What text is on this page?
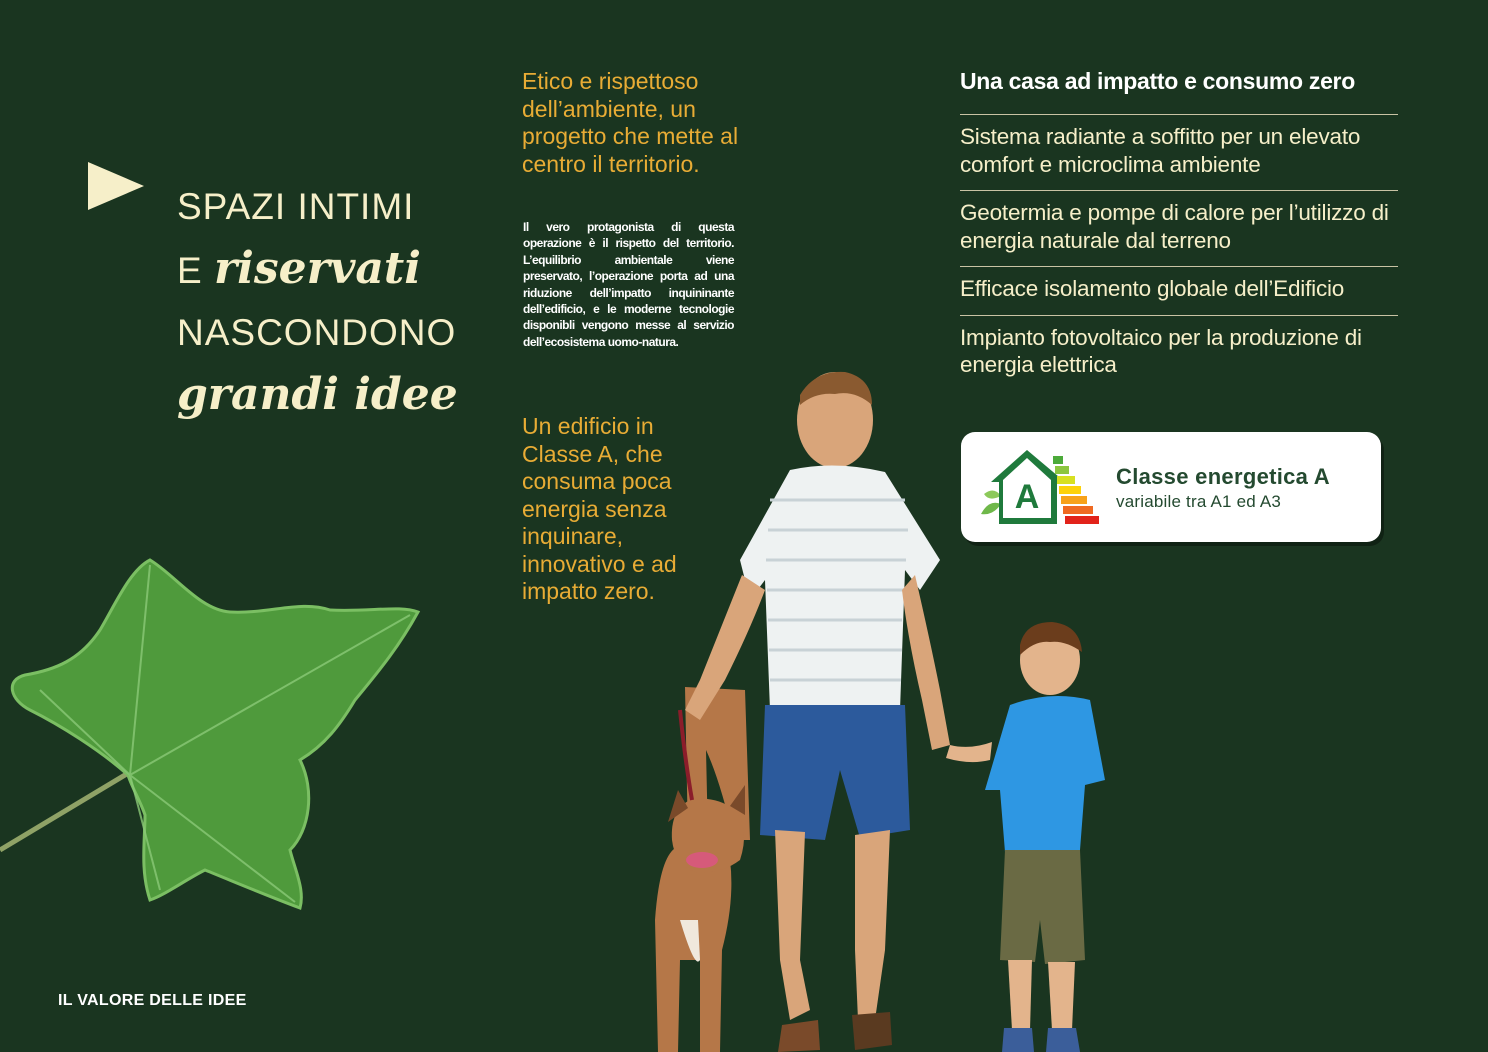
SPAZI INTIMI
E riservati
NASCONDONO
grandi idee
Etico e rispettoso dell’ambiente, un progetto che mette al centro il territorio.
Il vero protagonista di questa operazione è il rispetto del territorio. L’equilibrio ambientale viene preservato, l’operazione porta ad una riduzione dell’impatto inquininante dell’edificio, e le moderne tecnologie disponibli vengono messe al servizio dell’ecosistema uomo-natura.
Un edificio in Classe A, che consuma poca energia senza inquinare, innovativo e ad impatto zero.
Una casa ad impatto e consumo zero
Sistema radiante a soffitto per un elevato comfort e microclima ambiente
Geotermia e pompe di calore per l’utilizzo di energia naturale dal terreno
Efficace isolamento globale dell’Edificio
Impianto fotovoltaico per la produzione di energia elettrica
A
Classe energetica A
variabile tra A1 ed A3
IL VALORE DELLE IDEE
